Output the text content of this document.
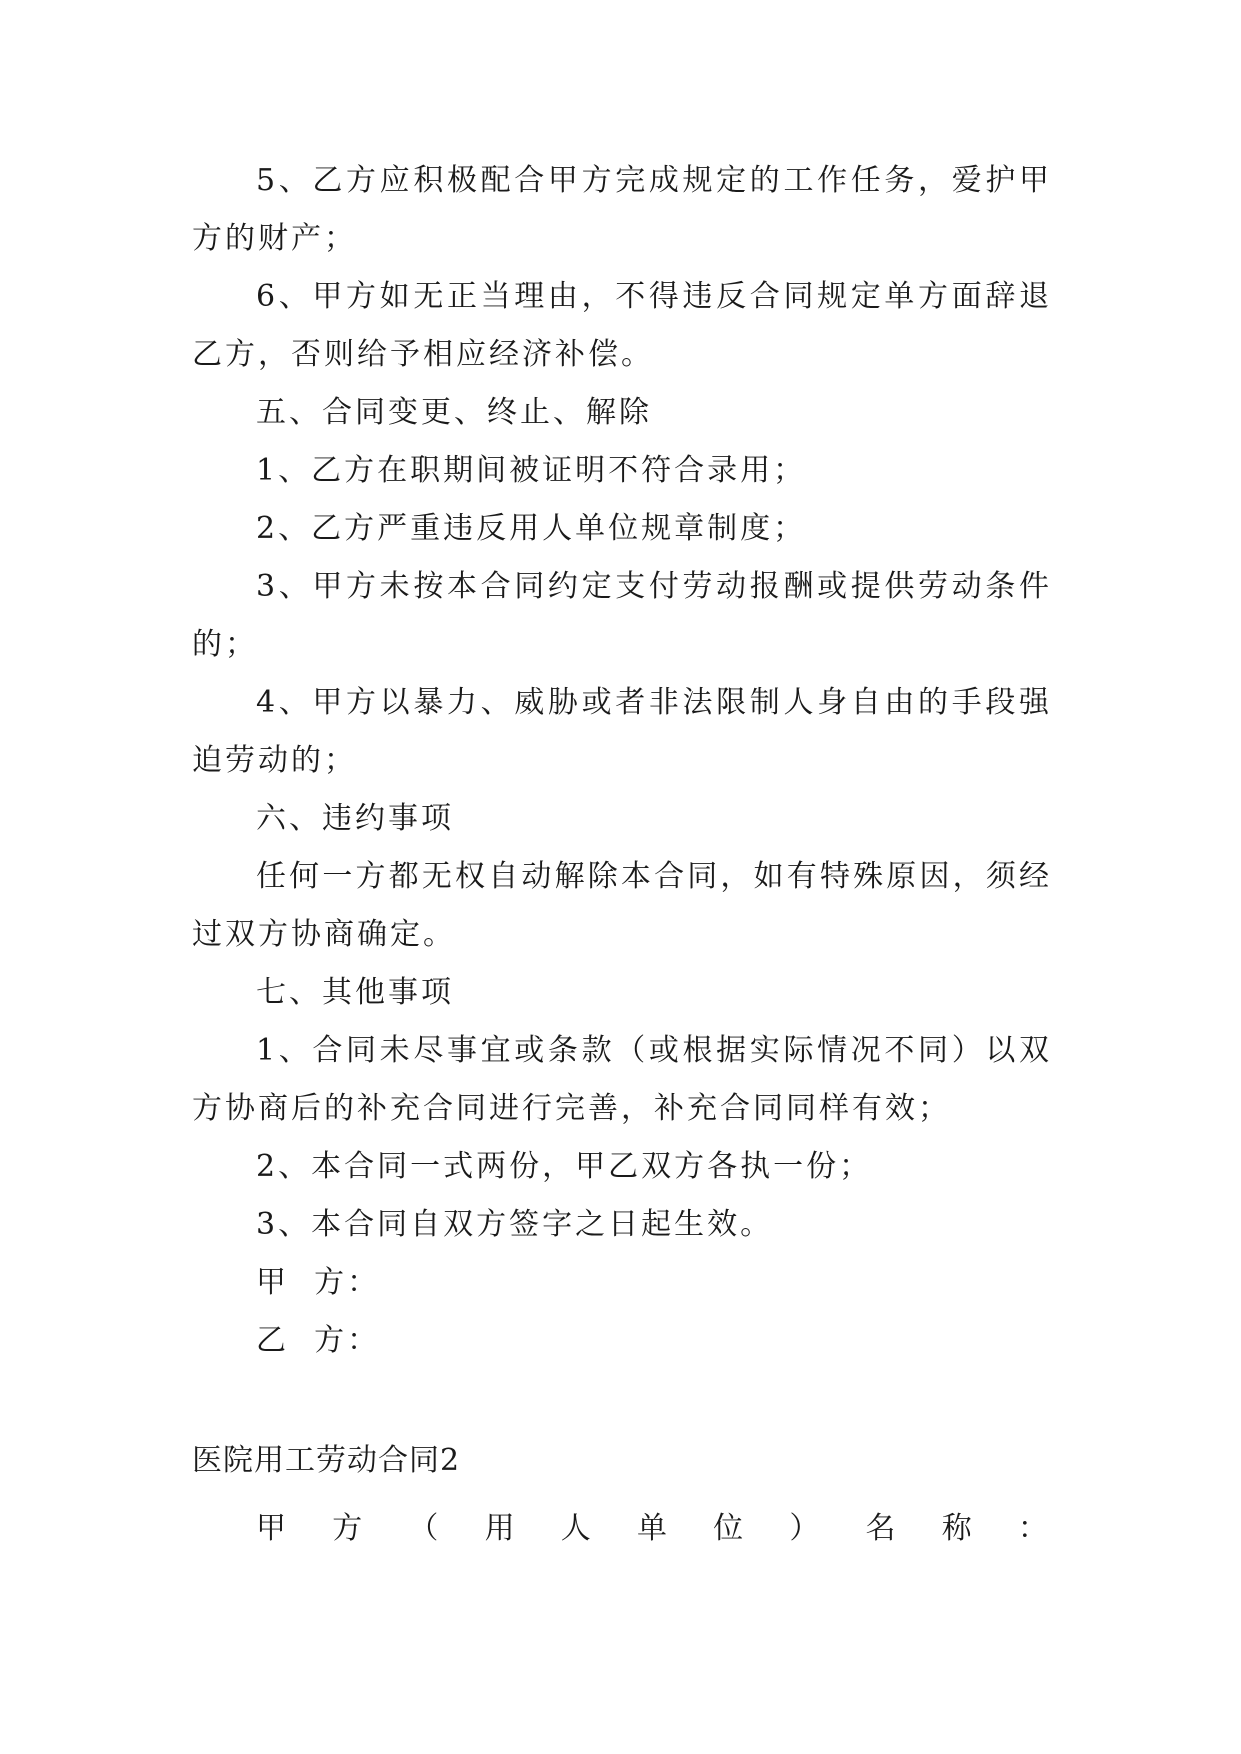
5、乙方应积极配合甲方完成规定的工作任务，爱护甲方的财产；
6、甲方如无正当理由，不得违反合同规定单方面辞退乙方，否则给予相应经济补偿。
五、合同变更、终止、解除
1、乙方在职期间被证明不符合录用；
2、乙方严重违反用人单位规章制度；
3、甲方未按本合同约定支付劳动报酬或提供劳动条件的；
4、甲方以暴力、威胁或者非法限制人身自由的手段强迫劳动的；
六、违约事项
任何一方都无权自动解除本合同，如有特殊原因，须经过双方协商确定。
七、其他事项
1、合同未尽事宜或条款（或根据实际情况不同）以双方协商后的补充合同进行完善，补充合同同样有效；
2、本合同一式两份，甲乙双方各执一份；
3、本合同自双方签字之日起生效。
甲  方：
乙  方：
医院用工劳动合同2
甲 方 （ 用 人 单 位 ） 名 称 ：
